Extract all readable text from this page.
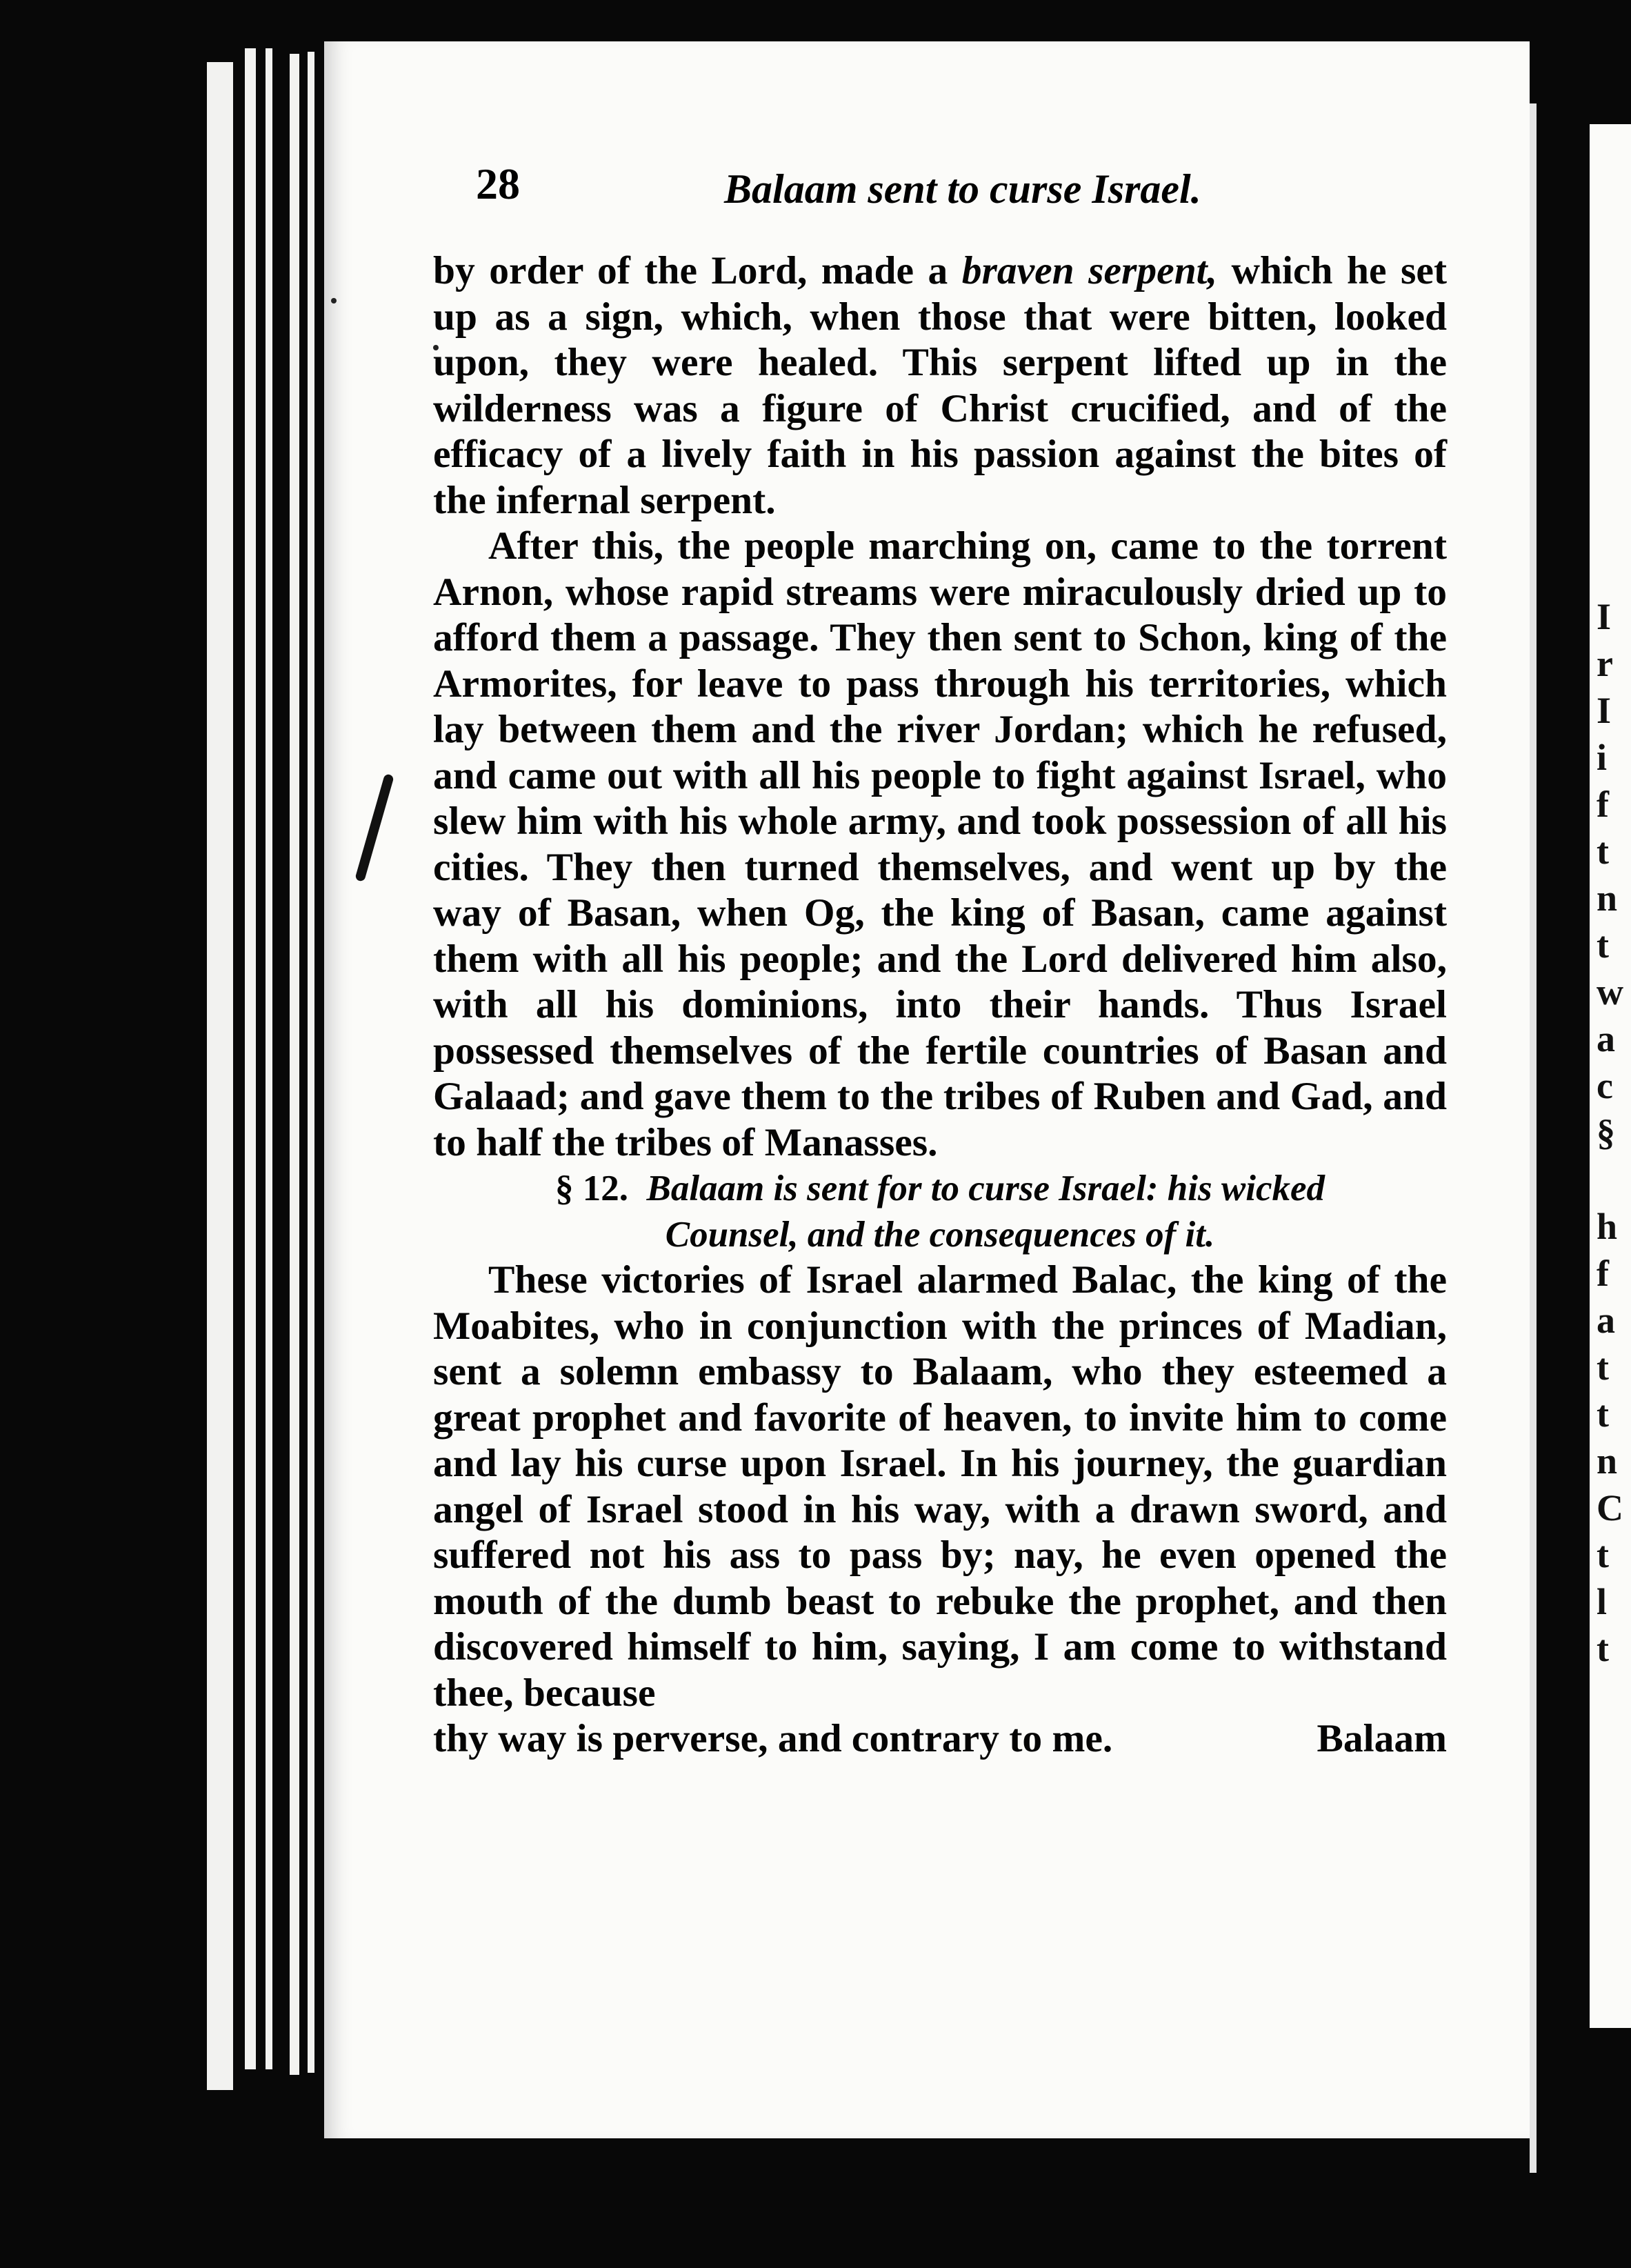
I
r
I
i
f
t
n
t
w
a
c
§

h
f
a
t
t
n
C
t
l
t
28	Balaam sent to curse Israel.

by order of the Lord, made a braven serpent, which he set up as a sign, which, when those that were bitten, looked upon, they were healed. This serpent lifted up in the wilderness was a figure of Christ crucified, and of the efficacy of a lively faith in his passion against the bites of the infernal serpent.

After this, the people marching on, came to the torrent Arnon, whose rapid streams were miraculously dried up to afford them a passage. They then sent to Schon, king of the Armorites, for leave to pass through his territories, which lay between them and the river Jordan; which he refused, and came out with all his people to fight against Israel, who slew him with his whole army, and took possession of all his cities. They then turned themselves, and went up by the way of Basan, when Og, the king of Basan, came against them with all his people; and the Lord delivered him also, with all his dominions, into their hands. Thus Israel possessed themselves of the fertile countries of Basan and Galaad; and gave them to the tribes of Ruben and Gad, and to half the tribes of Manasses.

§ 12. Balaam is sent for to curse Israel: his wicked

Counsel, and the consequences of it.

These victories of Israel alarmed Balac, the king of the Moabites, who in conjunction with the princes of Madian, sent a solemn embassy to Balaam, who they esteemed a great prophet and favorite of heaven, to invite him to come and lay his curse upon Israel. In his journey, the guardian angel of Israel stood in his way, with a drawn sword, and suffered not his ass to pass by; nay, he even opened the mouth of the dumb beast to rebuke the prophet, and then discovered himself to him, saying, I am come to withstand thee, because

thy way is perverse, and contrary to me.	Balaam
